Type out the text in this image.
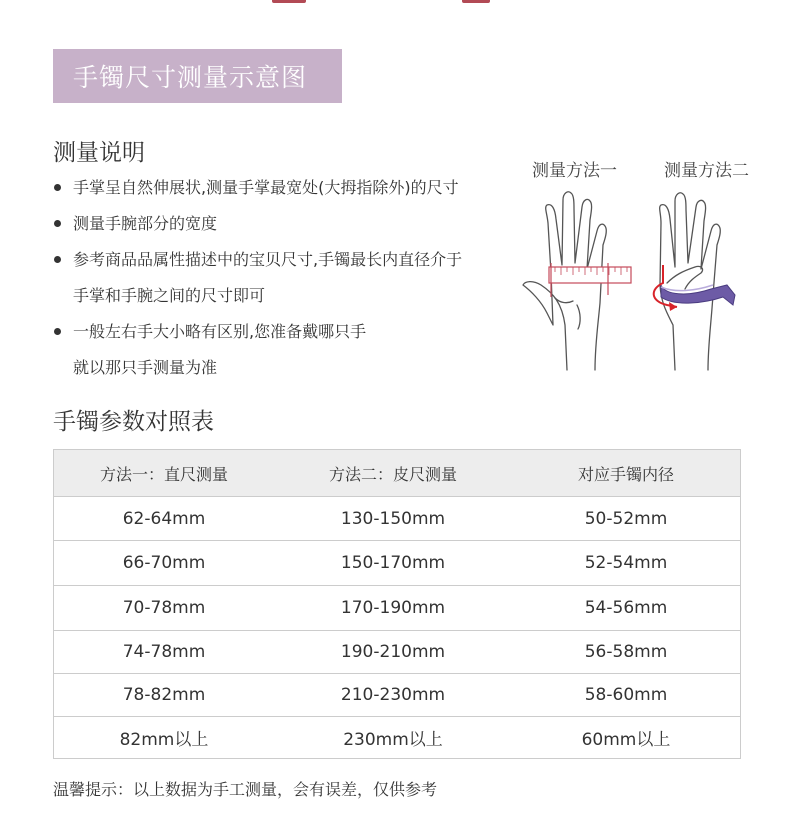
手镯尺寸测量示意图
测量说明
手掌呈自然伸展状,测量手掌最宽处(大拇指除外)的尺寸
测量手腕部分的宽度
参考商品品属性描述中的宝贝尺寸,手镯最长内直径介于
手掌和手腕之间的尺寸即可
一般左右手大小略有区别,您准备戴哪只手
就以那只手测量为准
测量方法一	测量方法二
手镯参数对照表
方法一：直尺测量	方法二：皮尺测量	对应手镯内径
62-64mm	130-150mm	50-52mm
66-70mm	150-170mm	52-54mm
70-78mm	170-190mm	54-56mm
74-78mm	190-210mm	56-58mm
78-82mm	210-230mm	58-60mm
82mm以上	230mm以上	60mm以上
温馨提示：以上数据为手工测量，会有误差，仅供参考
